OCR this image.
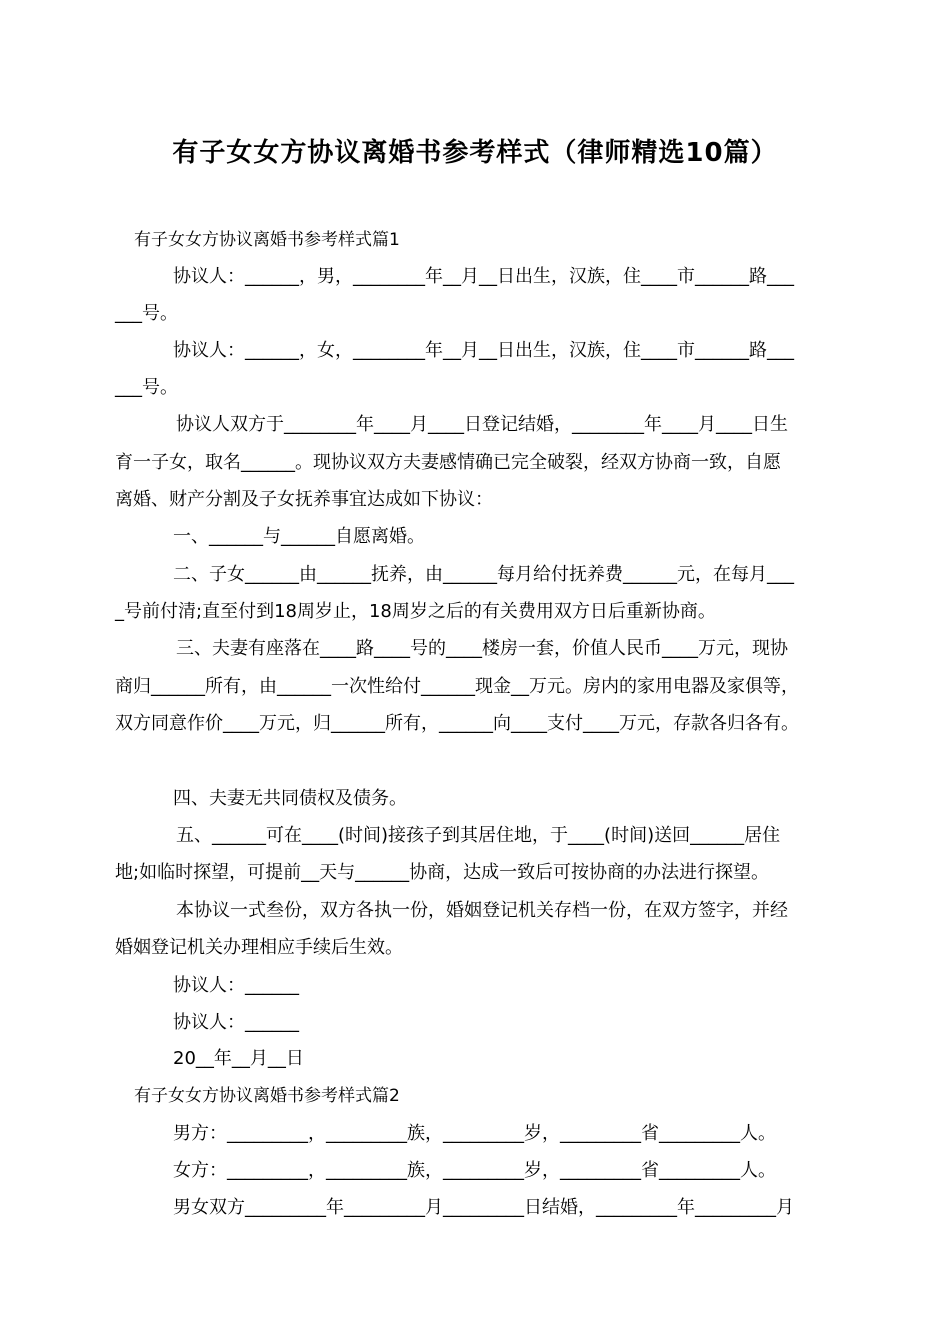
有子女女方协议离婚书参考样式（律师精选10篇）
有子女女方协议离婚书参考样式篇1
协议人：______，男，________年__月__日出生，汉族，住____市______路___
___号。
协议人：______，女，________年__月__日出生，汉族，住____市______路___
___号。
协议人双方于________年____月____日登记结婚，________年____月____日生
育一子女，取名______。现协议双方夫妻感情确已完全破裂，经双方协商一致，自愿
离婚、财产分割及子女抚养事宜达成如下协议：
一、______与______自愿离婚。
二、子女______由______抚养，由______每月给付抚养费______元，在每月___
_号前付清;直至付到18周岁止，18周岁之后的有关费用双方日后重新协商。
三、夫妻有座落在____路____号的____楼房一套，价值人民币____万元，现协
商归______所有，由______一次性给付______现金__万元。房内的家用电器及家俱等，
双方同意作价____万元，归______所有，______向____支付____万元，存款各归各有。
四、夫妻无共同债权及债务。
五、______可在____(时间)接孩子到其居住地，于____(时间)送回______居住
地;如临时探望，可提前__天与______协商，达成一致后可按协商的办法进行探望。
本协议一式叁份，双方各执一份，婚姻登记机关存档一份，在双方签字，并经
婚姻登记机关办理相应手续后生效。
协议人：______
协议人：______
20__年__月__日
有子女女方协议离婚书参考样式篇2
男方：_________，_________族，_________岁，_________省_________人。
女方：_________，_________族，_________岁，_________省_________人。
男女双方_________年_________月_________日结婚，_________年_________月
